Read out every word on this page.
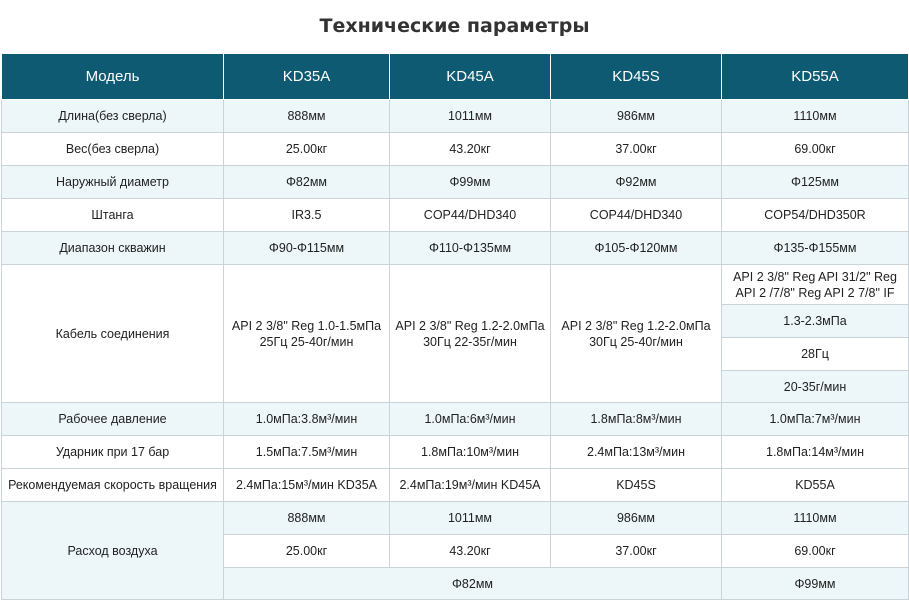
Технические параметры
Модель	KD35A	KD45A	KD45S	KD55A
Длина(без сверла)	888мм	1011мм	986мм	1110мм
Вес(без сверла)	25.00кг	43.20кг	37.00кг	69.00кг
Наружный диаметр	Φ82мм	Φ99мм	Φ92мм	Φ125мм
Штанга	IR3.5	COP44/DHD340	COP44/DHD340	COP54/DHD350R
Диапазон скважин	Φ90-Φ115мм	Φ110-Φ135мм	Φ105-Φ120мм	Φ135-Φ155мм
Кабель соединения	API 2 3/8" Reg 1.0-1.5мПа 25Гц 25-40г/мин	API 2 3/8" Reg 1.2-2.0мПа 30Гц 22-35г/мин	API 2 3/8" Reg 1.2-2.0мПа 30Гц 25-40г/мин	API 2 3/8" Reg API 31/2" Reg API 2 /7/8" Reg API 2 7/8" IF
				1.3-2.3мПа
				28Гц
				20-35г/мин
Рабочее давление	1.0мПа:3.8м³/мин	1.0мПа:6м³/мин	1.8мПа:8м³/мин	1.0мПа:7м³/мин
Ударник при 17 бар	1.5мПа:7.5м³/мин	1.8мПа:10м³/мин	2.4мПа:13м³/мин	1.8мПа:14м³/мин
Рекомендуемая скорость вращения	2.4мПа:15м³/мин KD35A	2.4мПа:19м³/мин KD45A	KD45S	KD55A
Расход воздуха	888мм	1011мм	986мм	1110мм
	25.00кг	43.20кг	37.00кг	69.00кг
	Φ82мм			Φ99мм
